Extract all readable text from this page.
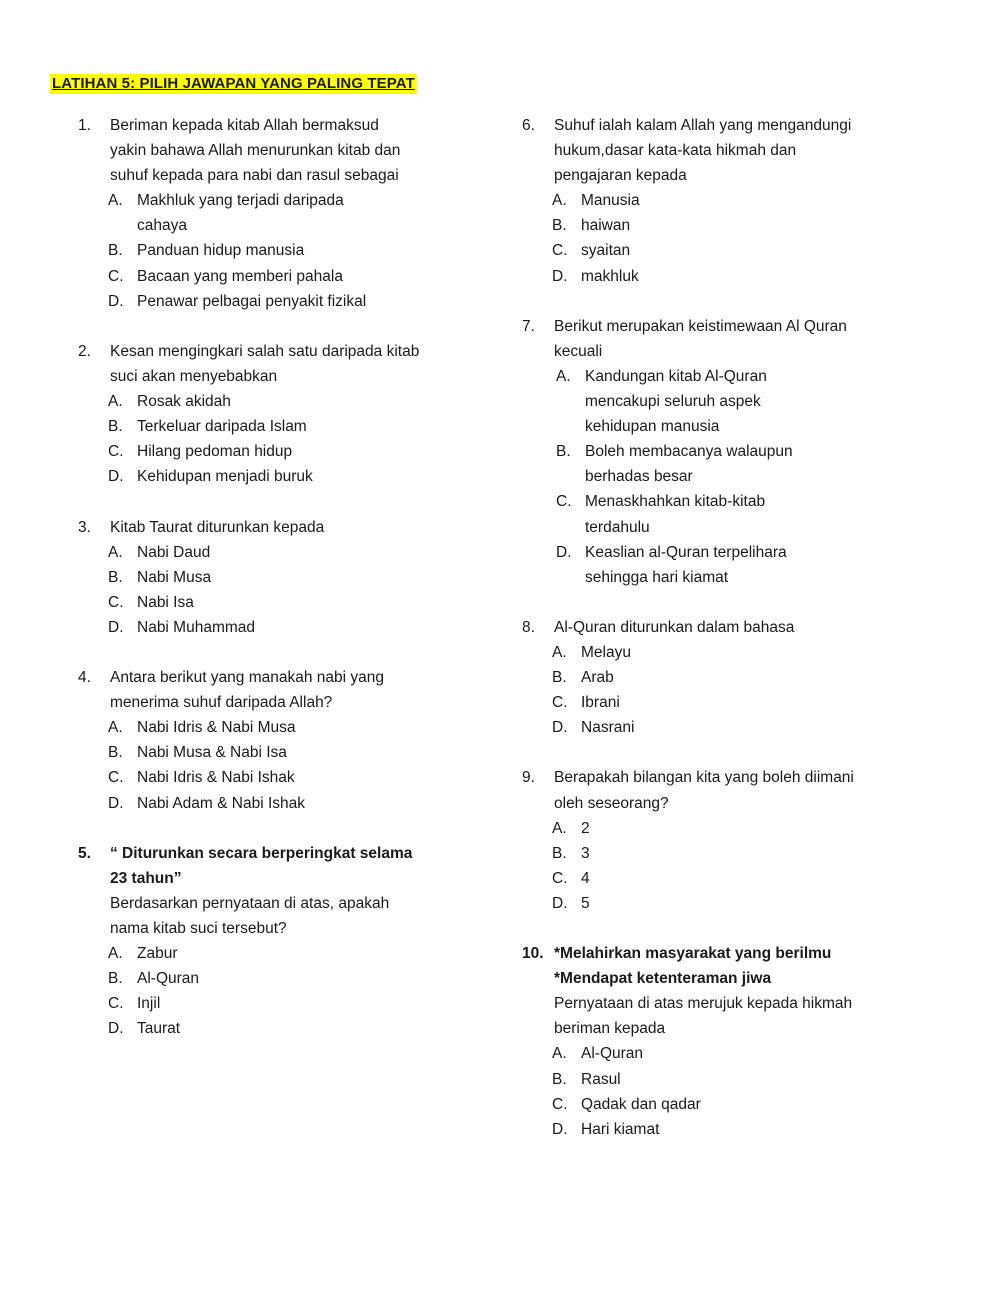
LATIHAN 5: PILIH JAWAPAN YANG PALING TEPAT
1.	Beriman kepada kitab Allah bermaksud
yakin bahawa Allah menurunkan kitab dan
suhuf kepada para nabi dan rasul sebagai
A. Makhluk yang terjadi daripada
cahaya
B. Panduan hidup manusia
C. Bacaan yang memberi pahala
D. Penawar pelbagai penyakit fizikal
2.	Kesan mengingkari salah satu daripada kitab
suci akan menyebabkan
A. Rosak akidah
B. Terkeluar daripada Islam
C. Hilang pedoman hidup
D. Kehidupan menjadi buruk
3.	Kitab Taurat diturunkan kepada
A. Nabi Daud
B. Nabi Musa
C. Nabi Isa
D. Nabi Muhammad
4.	Antara berikut yang manakah nabi yang
menerima suhuf daripada Allah?
A. Nabi Idris & Nabi Musa
B. Nabi Musa & Nabi Isa
C. Nabi Idris & Nabi Ishak
D. Nabi Adam & Nabi Ishak
5.	“ Diturunkan secara berperingkat selama
23 tahun”
Berdasarkan pernyataan di atas, apakah
nama kitab suci tersebut?
A. Zabur
B. Al-Quran
C. Injil
D. Taurat
6.	Suhuf ialah kalam Allah yang mengandungi
hukum,dasar kata-kata hikmah dan
pengajaran kepada
A. Manusia
B. haiwan
C. syaitan
D. makhluk
7.	Berikut merupakan keistimewaan Al Quran
kecuali
A. Kandungan kitab Al-Quran
mencakupi seluruh aspek
kehidupan manusia
B. Boleh membacanya walaupun
berhadas besar
C. Menaskhahkan kitab-kitab
terdahulu
D. Keaslian al-Quran terpelihara
sehingga hari kiamat
8.	Al-Quran diturunkan dalam bahasa
A. Melayu
B. Arab
C. Ibrani
D. Nasrani
9.	Berapakah bilangan kita yang boleh diimani
oleh seseorang?
A. 2
B. 3
C. 4
D. 5
10. *Melahirkan masyarakat yang berilmu
*Mendapat ketenteraman jiwa
Pernyataan di atas merujuk kepada hikmah
beriman kepada
A. Al-Quran
B. Rasul
C. Qadak dan qadar
D. Hari kiamat
